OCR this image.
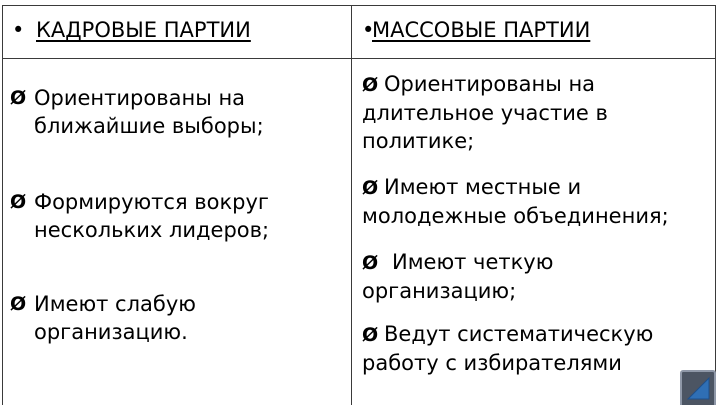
• КАДРОВЫЕ ПАРТИИ	•МАССОВЫЕ ПАРТИИ
Ø Ориентированы на
ближайшие выборы;
Ø Формируются вокруг
нескольких лидеров;
Ø Имеют слабую
организацию.
Ø Ориентированы на
длительное участие в
политике;
Ø Имеют местные и
молодежные объединения;
Ø Имеют четкую
организацию;
Ø Ведут систематическую
работу с избирателями
